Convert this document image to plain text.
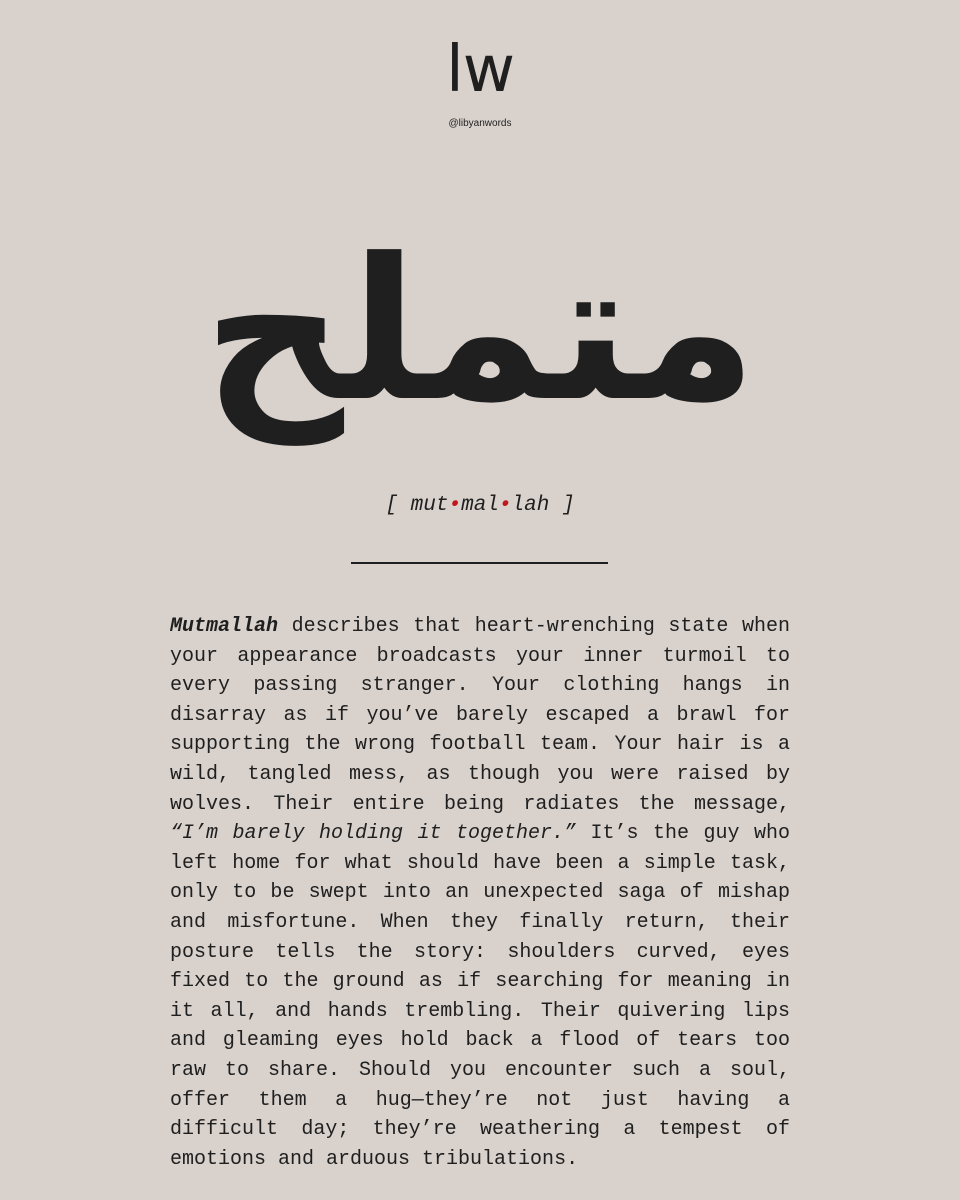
lw
@libyanwords
متملح
[ mut•mal•lah ]
Mutmallah describes that heart-wrenching state when your appearance broadcasts your inner turmoil to every passing stranger. Your clothing hangs in disarray as if you’ve barely escaped a brawl for supporting the wrong football team. Your hair is a wild, tangled mess, as though you were raised by wolves. Their entire being radiates the message, “I’m barely holding it together.” It’s the guy who left home for what should have been a simple task, only to be swept into an unexpected saga of mishap and misfortune. When they finally return, their posture tells the story: shoulders curved, eyes fixed to the ground as if searching for meaning in it all, and hands trembling. Their quivering lips and gleaming eyes hold back a flood of tears too raw to share. Should you encounter such a soul, offer them a hug—they’re not just having a difficult day; they’re weathering a tempest of emotions and arduous tribulations.
